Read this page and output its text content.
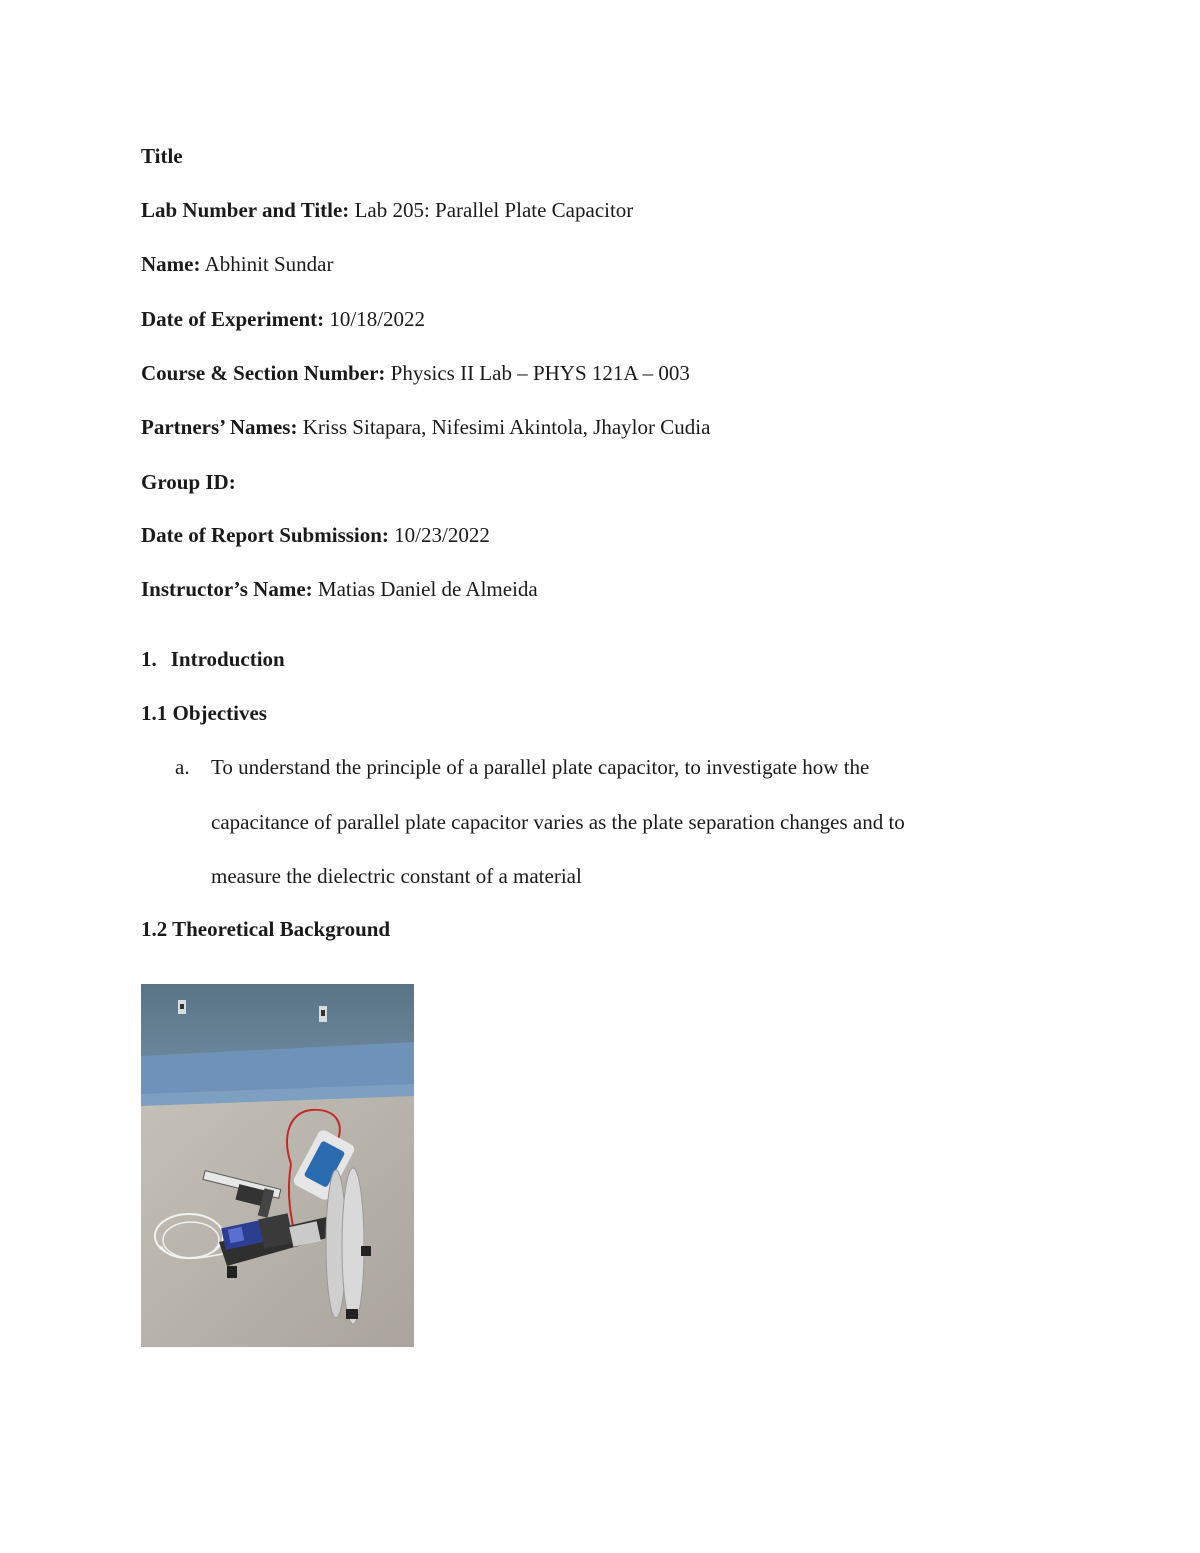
Title
Lab Number and Title: Lab 205: Parallel Plate Capacitor
Name: Abhinit Sundar
Date of Experiment: 10/18/2022
Course & Section Number: Physics II Lab – PHYS 121A – 003
Partners’ Names: Kriss Sitapara, Nifesimi Akintola, Jhaylor Cudia
Group ID:
Date of Report Submission: 10/23/2022
Instructor’s Name: Matias Daniel de Almeida
1. Introduction
1.1 Objectives
a. To understand the principle of a parallel plate capacitor, to investigate how the
capacitance of parallel plate capacitor varies as the plate separation changes and to
measure the dielectric constant of a material
1.2 Theoretical Background
